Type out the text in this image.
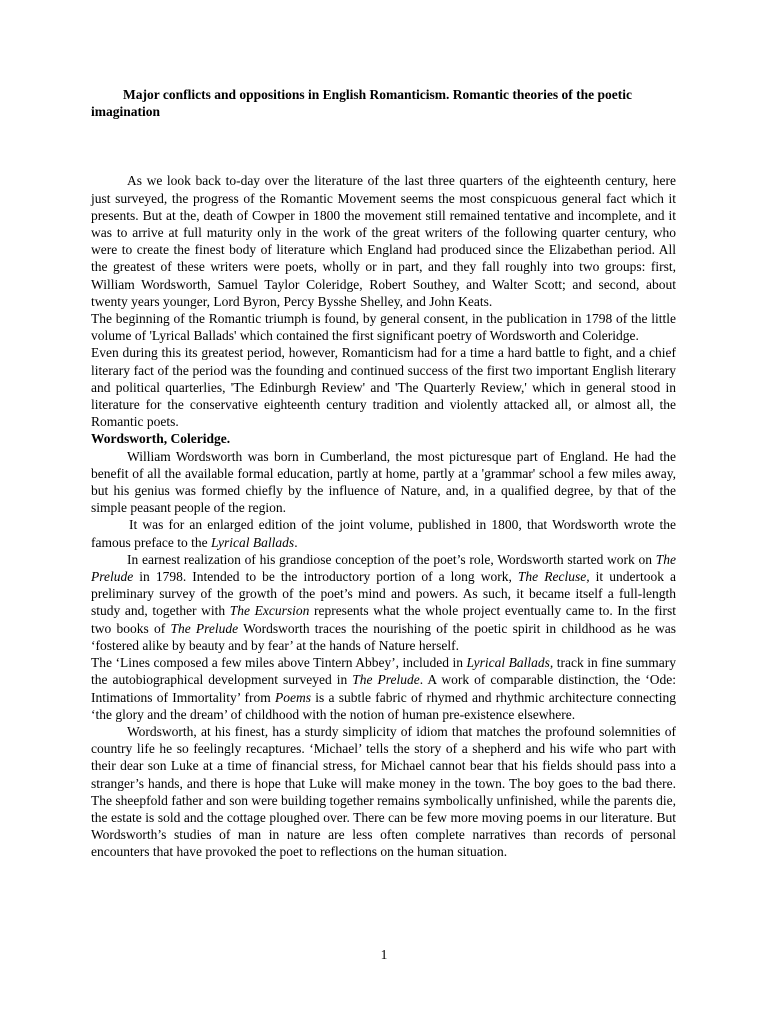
Major conflicts and oppositions in English Romanticism. Romantic theories of the poetic imagination

As we look back to-day over the literature of the last three quarters of the eighteenth century, here just surveyed, the progress of the Romantic Movement seems the most conspicuous general fact which it presents. But at the, death of Cowper in 1800 the movement still remained tentative and incomplete, and it was to arrive at full maturity only in the work of the great writers of the following quarter century, who were to create the finest body of literature which England had produced since the Elizabethan period. All the greatest of these writers were poets, wholly or in part, and they fall roughly into two groups: first, William Wordsworth, Samuel Taylor Coleridge, Robert Southey, and Walter Scott; and second, about twenty years younger, Lord Byron, Percy Bysshe Shelley, and John Keats.

The beginning of the Romantic triumph is found, by general consent, in the publication in 1798 of the little volume of 'Lyrical Ballads' which contained the first significant poetry of Wordsworth and Coleridge.

Even during this its greatest period, however, Romanticism had for a time a hard battle to fight, and a chief literary fact of the period was the founding and continued success of the first two important English literary and political quarterlies, 'The Edinburgh Review' and 'The Quarterly Review,' which in general stood in literature for the conservative eighteenth century tradition and violently attacked all, or almost all, the Romantic poets.

Wordsworth, Coleridge.

William Wordsworth was born in Cumberland, the most picturesque part of England. He had the benefit of all the available formal education, partly at home, partly at a 'grammar' school a few miles away, but his genius was formed chiefly by the influence of Nature, and, in a qualified degree, by that of the simple peasant people of the region.

It was for an enlarged edition of the joint volume, published in 1800, that Wordsworth wrote the famous preface to the Lyrical Ballads.

In earnest realization of his grandiose conception of the poet’s role, Wordsworth started work on The Prelude in 1798. Intended to be the introductory portion of a long work, The Recluse, it undertook a preliminary survey of the growth of the poet’s mind and powers. As such, it became itself a full-length study and, together with The Excursion represents what the whole project eventually came to. In the first two books of The Prelude Wordsworth traces the nourishing of the poetic spirit in childhood as he was ‘fostered alike by beauty and by fear’ at the hands of Nature herself.

The ‘Lines composed a few miles above Tintern Abbey’, included in Lyrical Ballads, track in fine summary the autobiographical development surveyed in The Prelude. A work of comparable distinction, the ‘Ode: Intimations of Immortality’ from Poems is a subtle fabric of rhymed and rhythmic architecture connecting ‘the glory and the dream’ of childhood with the notion of human pre-existence elsewhere.

Wordsworth, at his finest, has a sturdy simplicity of idiom that matches the profound solemnities of country life he so feelingly recaptures. ‘Michael’ tells the story of a shepherd and his wife who part with their dear son Luke at a time of financial stress, for Michael cannot bear that his fields should pass into a stranger’s hands, and there is hope that Luke will make money in the town. The boy goes to the bad there. The sheepfold father and son were building together remains symbolically unfinished, while the parents die, the estate is sold and the cottage ploughed over. There can be few more moving poems in our literature. But Wordsworth’s studies of man in nature are less often complete narratives than records of personal encounters that have provoked the poet to reflections on the human situation.

1
